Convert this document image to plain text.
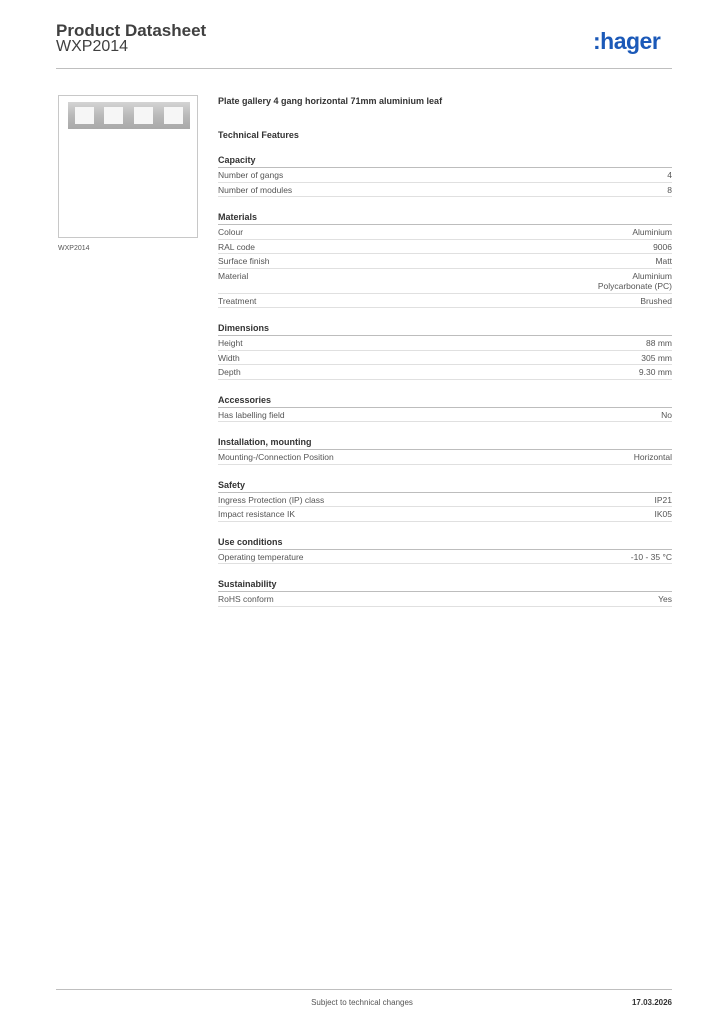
Product Datasheet
WXP2014	:hager
WXP2014
Plate gallery 4 gang horizontal 71mm aluminium leaf
Technical Features
Capacity
Number of gangs	4
Number of modules	8
Materials
Colour	Aluminium
RAL code	9006
Surface finish	Matt
Material	Aluminium
Polycarbonate (PC)
Treatment	Brushed
Dimensions
Height	88 mm
Width	305 mm
Depth	9.30 mm
Accessories
Has labelling field	No
Installation, mounting
Mounting-/Connection Position	Horizontal
Safety
Ingress Protection (IP) class	IP21
Impact resistance IK	IK05
Use conditions
Operating temperature	-10 - 35 °C
Sustainability
RoHS conform	Yes
Subject to technical changes	17.03.2026
